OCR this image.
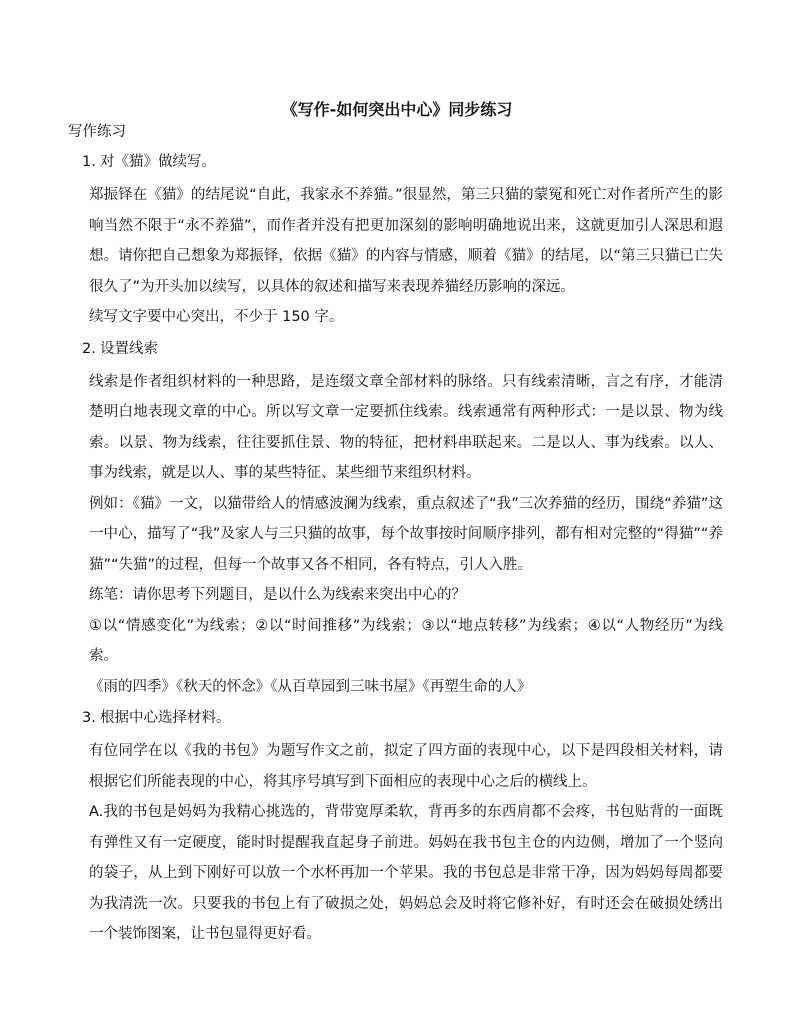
《写作-如何突出中心》同步练习
写作练习
1. 对《猫》做续写。
郑振铎在《猫》的结尾说“自此，我家永不养猫。”很显然，第三只猫的蒙冤和死亡对作者所产生的影响当然不限于“永不养猫”，而作者并没有把更加深刻的影响明确地说出来，这就更加引人深思和遐想。请你把自己想象为郑振铎，依据《猫》的内容与情感，顺着《猫》的结尾，以“第三只猫已亡失很久了”为开头加以续写，以具体的叙述和描写来表现养猫经历影响的深远。
续写文字要中心突出，不少于 150 字。
2. 设置线索
线索是作者组织材料的一种思路，是连缀文章全部材料的脉络。只有线索清晰，言之有序，才能清楚明白地表现文章的中心。所以写文章一定要抓住线索。线索通常有两种形式：一是以景、物为线索。以景、物为线索，往往要抓住景、物的特征，把材料串联起来。二是以人、事为线索。以人、事为线索，就是以人、事的某些特征、某些细节来组织材料。
例如：《猫》一文，以猫带给人的情感波澜为线索，重点叙述了“我”三次养猫的经历，围绕“养猫”这一中心，描写了“我”及家人与三只猫的故事，每个故事按时间顺序排列，都有相对完整的“得猫”“养猫”“失猫”的过程，但每一个故事又各不相同，各有特点，引人入胜。
练笔：请你思考下列题目，是以什么为线索来突出中心的？
①以“情感变化”为线索；②以“时间推移”为线索；③以“地点转移”为线索；④以“人物经历”为线索。
《雨的四季》《秋天的怀念》《从百草园到三味书屋》《再塑生命的人》
3. 根据中心选择材料。
有位同学在以《我的书包》为题写作文之前，拟定了四方面的表现中心，以下是四段相关材料，请根据它们所能表现的中心，将其序号填写到下面相应的表现中心之后的横线上。
A.我的书包是妈妈为我精心挑选的，背带宽厚柔软，背再多的东西肩都不会疼，书包贴背的一面既有弹性又有一定硬度，能时时提醒我直起身子前进。妈妈在我书包主仓的内边侧，增加了一个竖向的袋子，从上到下刚好可以放一个水杯再加一个苹果。我的书包总是非常干净，因为妈妈每周都要为我清洗一次。只要我的书包上有了破损之处，妈妈总会及时将它修补好，有时还会在破损处绣出一个装饰图案，让书包显得更好看。
